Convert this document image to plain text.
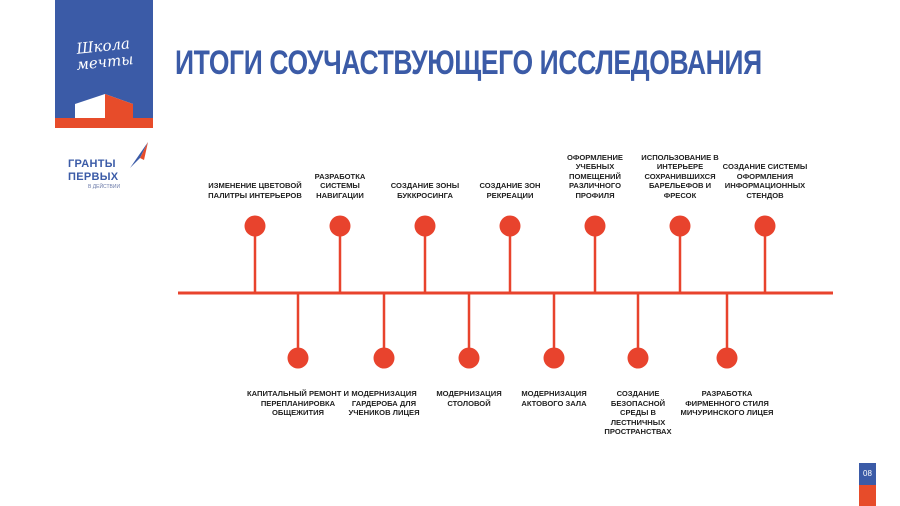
Школа мечты	ИТОГИ СОУЧАСТВУЮЩЕГО ИССЛЕДОВАНИЯ
ГРАНТЫ
ПЕРВЫХ
В ДЕЙСТВИИ	ИЗМЕНЕНИЕ ЦВЕТОВОЙ ПАЛИТРЫ ИНТЕРЬЕРОВ
РАЗРАБОТКА СИСТЕМЫ НАВИГАЦИИ
СОЗДАНИЕ ЗОНЫ БУККРОСИНГА
СОЗДАНИЕ ЗОН РЕКРЕАЦИИ
ОФОРМЛЕНИЕ УЧЕБНЫХ ПОМЕЩЕНИЙ РАЗЛИЧНОГО ПРОФИЛЯ
ИСПОЛЬЗОВАНИЕ В ИНТЕРЬЕРЕ СОХРАНИВШИХСЯ БАРЕЛЬЕФОВ И ФРЕСОК
СОЗДАНИЕ СИСТЕМЫ ОФОРМЛЕНИЯ ИНФОРМАЦИОННЫХ СТЕНДОВ
КАПИТАЛЬНЫЙ РЕМОНТ И ПЕРЕПЛАНИРОВКА ОБЩЕЖИТИЯ
МОДЕРНИЗАЦИЯ ГАРДЕРОБА ДЛЯ УЧЕНИКОВ ЛИЦЕЯ
МОДЕРНИЗАЦИЯ СТОЛОВОЙ
МОДЕРНИЗАЦИЯ АКТОВОГО ЗАЛА
СОЗДАНИЕ БЕЗОПАСНОЙ СРЕДЫ В ЛЕСТНИЧНЫХ ПРОСТРАНСТВАХ
РАЗРАБОТКА ФИРМЕННОГО СТИЛЯ МИЧУРИНСКОГО ЛИЦЕЯ
08
